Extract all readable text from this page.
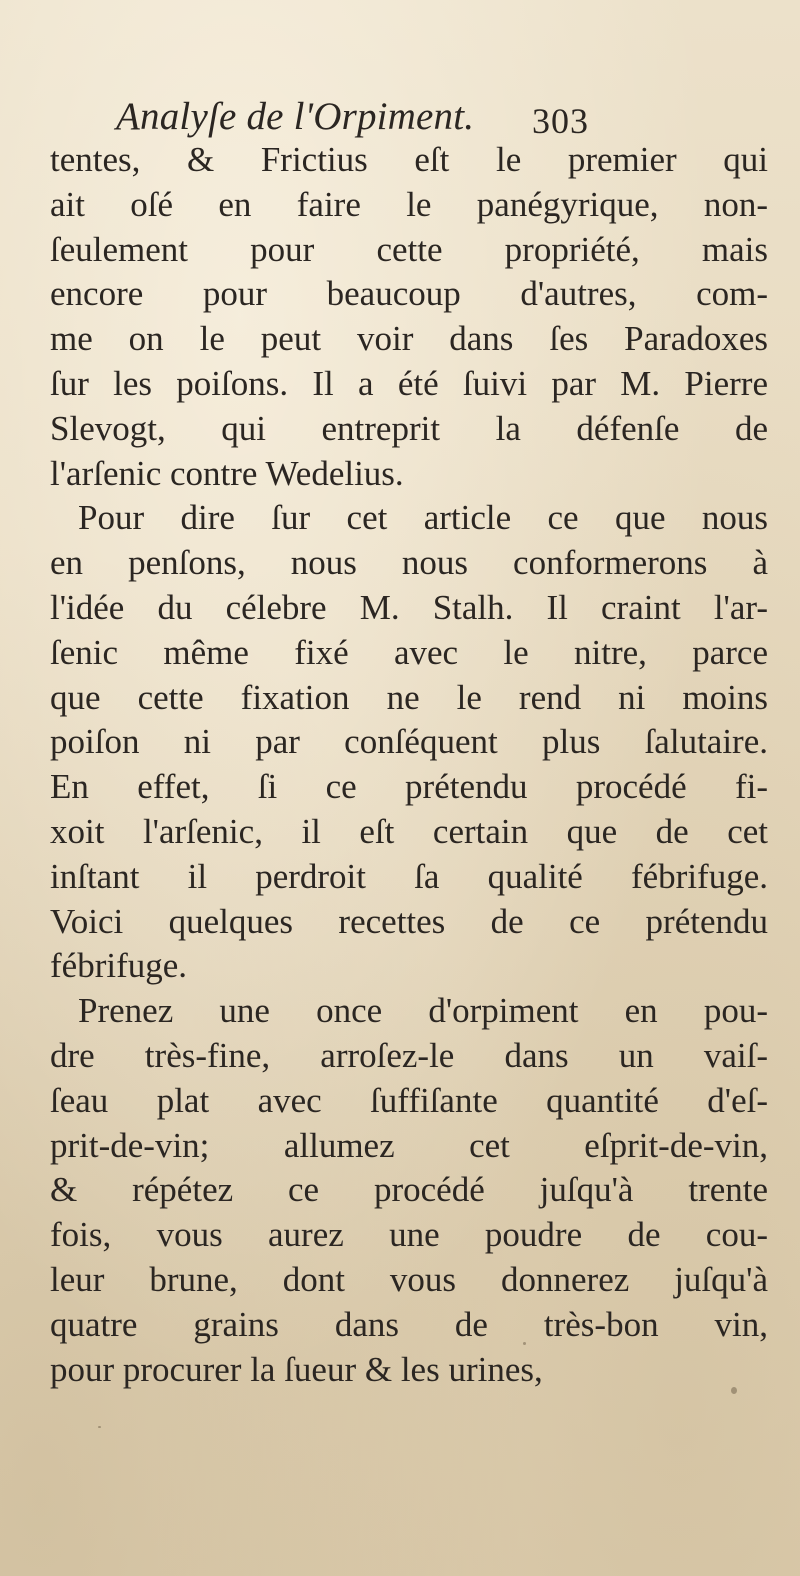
Analyſe de l'Orpiment. 303
tentes, & Frictius eſt le premier qui
ait oſé en faire le panégyrique, non-
ſeulement pour cette propriété, mais
encore pour beaucoup d'autres, com-
me on le peut voir dans ſes Paradoxes
ſur les poiſons. Il a été ſuivi par M. Pierre
Slevogt, qui entreprit la défenſe de
l'arſenic contre Wedelius.
Pour dire ſur cet article ce que nous
en penſons, nous nous conformerons à
l'idée du célebre M. Stalh. Il craint l'ar-
ſenic même fixé avec le nitre, parce
que cette fixation ne le rend ni moins
poiſon ni par conſéquent plus ſalutaire.
En effet, ſi ce prétendu procédé fi-
xoit l'arſenic, il eſt certain que de cet
inſtant il perdroit ſa qualité fébrifuge.
Voici quelques recettes de ce prétendu
fébrifuge.
Prenez une once d'orpiment en pou-
dre très-fine, arroſez-le dans un vaiſ-
ſeau plat avec ſuffiſante quantité d'eſ-
prit-de-vin; allumez cet eſprit-de-vin,
& répétez ce procédé juſqu'à trente
fois, vous aurez une poudre de cou-
leur brune, dont vous donnerez juſqu'à
quatre grains dans de très-bon vin,
pour procurer la ſueur & les urines,
